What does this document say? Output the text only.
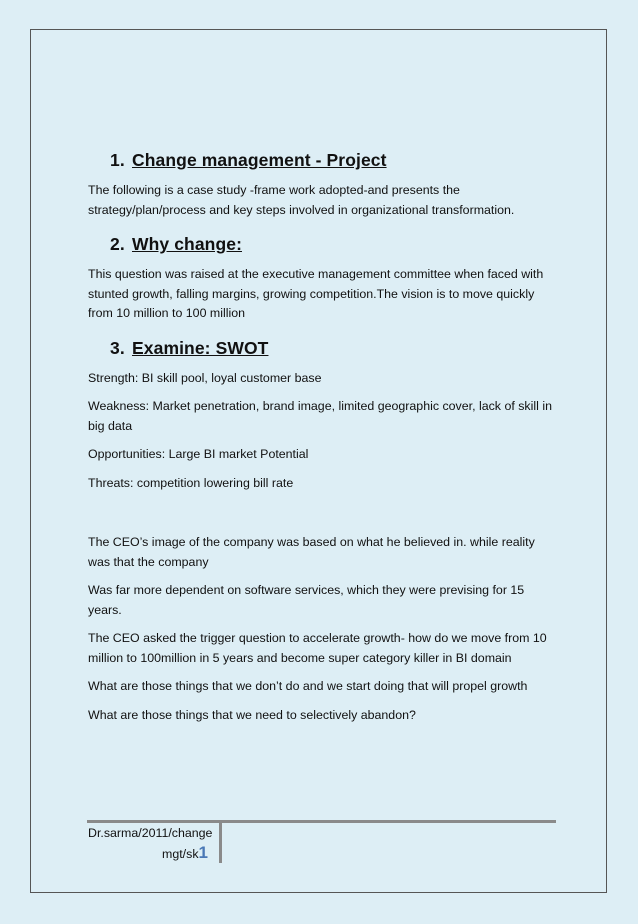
1. Change management - Project

The following is a case study -frame work adopted-and presents the strategy/plan/process and key steps involved in organizational transformation.

2. Why change:

This question was raised at the executive management committee when faced with stunted growth, falling margins, growing competition.The vision is to move quickly from 10 million to 100 million

3. Examine: SWOT

Strength: BI skill pool, loyal customer base

Weakness: Market penetration, brand image, limited geographic cover, lack of skill in big data

Opportunities: Large BI market Potential

Threats: competition lowering bill rate

The CEO’s image of the company was based on what he believed in. while reality was that the company

Was far more dependent on software services, which they were prevising for 15 years.

The CEO asked the trigger question to accelerate growth- how do we move from 10 million to 100million in 5 years and become super category killer in BI domain

What are those things that we don’t do and we start doing that will propel growth

What are those things that we need to selectively abandon?

Dr.sarma/2011/change
mgt/sk1
